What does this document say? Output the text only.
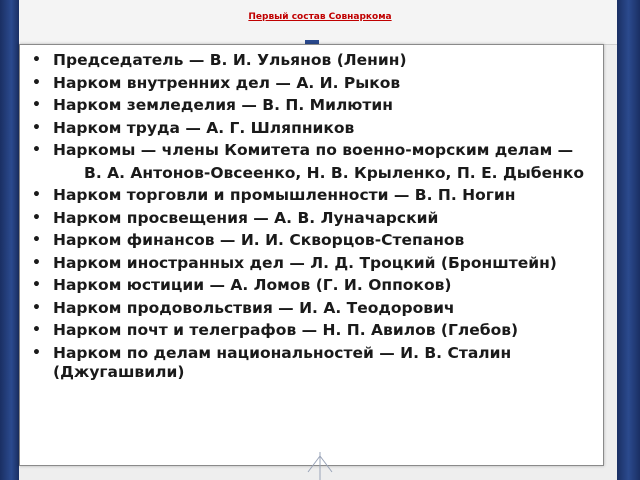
Первый состав Совнаркома
• Председатель — В. И. Ульянов (Ленин)
• Нарком внутренних дел — А. И. Рыков
• Нарком земледелия — В. П. Милютин
• Нарком труда — А. Г. Шляпников
• Наркомы — члены Комитета по военно-морским делам —
В. А. Антонов-Овсеенко, Н. В. Крыленко, П. Е. Дыбенко
• Нарком торговли и промышленности — В. П. Ногин
• Нарком просвещения — А. В. Луначарский
• Нарком финансов — И. И. Скворцов-Степанов
• Нарком иностранных дел — Л. Д. Троцкий (Бронштейн)
• Нарком юстиции — А. Ломов (Г. И. Оппоков)
• Нарком продовольствия — И. А. Теодорович
• Нарком почт и телеграфов — Н. П. Авилов (Глебов)
• Нарком по делам национальностей — И. В. Сталин (Джугашвили)
